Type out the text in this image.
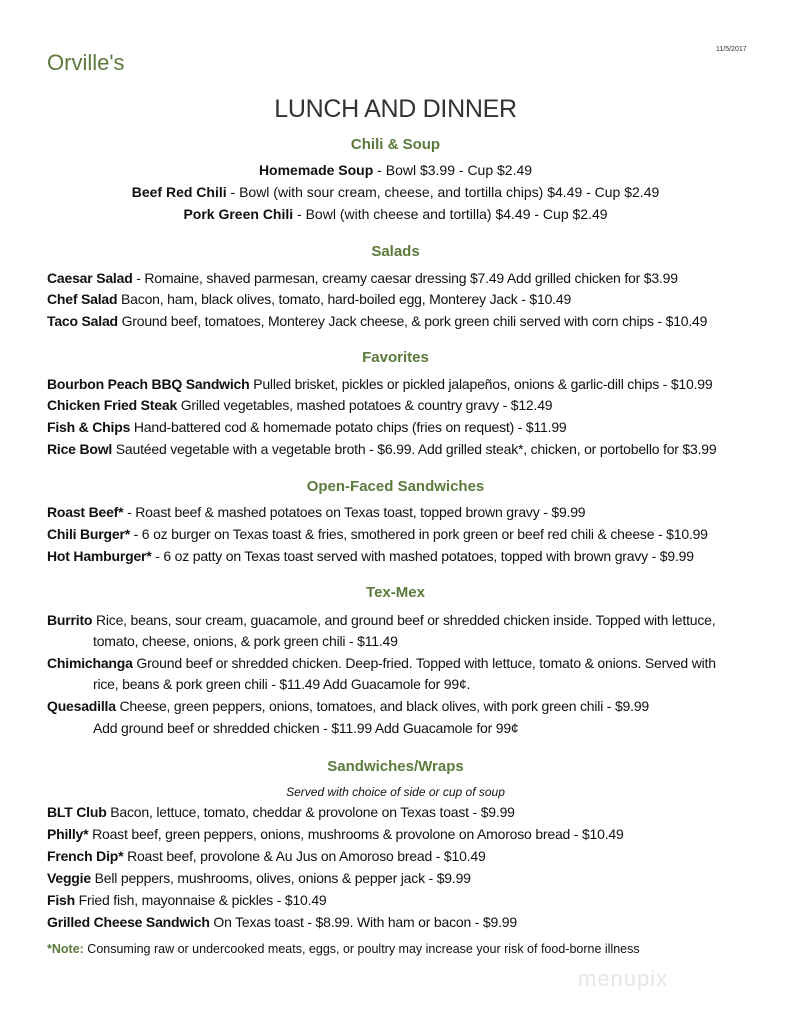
Orville's
11/5/2017
LUNCH AND DINNER
Chili & Soup
Homemade Soup - Bowl $3.99 - Cup $2.49
Beef Red Chili - Bowl (with sour cream, cheese, and tortilla chips) $4.49 - Cup $2.49
Pork Green Chili - Bowl (with cheese and tortilla) $4.49 - Cup $2.49
Salads
Caesar Salad - Romaine, shaved parmesan, creamy caesar dressing $7.49 Add grilled chicken for $3.99
Chef Salad Bacon, ham, black olives, tomato, hard-boiled egg, Monterey Jack - $10.49
Taco Salad Ground beef, tomatoes, Monterey Jack cheese, & pork green chili served with corn chips - $10.49
Favorites
Bourbon Peach BBQ Sandwich Pulled brisket, pickles or pickled jalapeños, onions & garlic-dill chips - $10.99
Chicken Fried Steak Grilled vegetables, mashed potatoes & country gravy - $12.49
Fish & Chips Hand-battered cod & homemade potato chips (fries on request) - $11.99
Rice Bowl Sautéed vegetable with a vegetable broth - $6.99. Add grilled steak*, chicken, or portobello for $3.99
Open-Faced Sandwiches
Roast Beef* - Roast beef & mashed potatoes on Texas toast, topped brown gravy - $9.99
Chili Burger* - 6 oz burger on Texas toast & fries, smothered in pork green or beef red chili & cheese - $10.99
Hot Hamburger* - 6 oz patty on Texas toast served with mashed potatoes, topped with brown gravy - $9.99
Tex-Mex
Burrito Rice, beans, sour cream, guacamole, and ground beef or shredded chicken inside. Topped with lettuce,
tomato, cheese, onions, & pork green chili - $11.49
Chimichanga Ground beef or shredded chicken. Deep-fried. Topped with lettuce, tomato & onions. Served with
rice, beans & pork green chili - $11.49 Add Guacamole for 99¢.
Quesadilla Cheese, green peppers, onions, tomatoes, and black olives, with pork green chili - $9.99
Add ground beef or shredded chicken - $11.99 Add Guacamole for 99¢
Sandwiches/Wraps
Served with choice of side or cup of soup
BLT Club Bacon, lettuce, tomato, cheddar & provolone on Texas toast - $9.99
Philly* Roast beef, green peppers, onions, mushrooms & provolone on Amoroso bread - $10.49
French Dip* Roast beef, provolone & Au Jus on Amoroso bread - $10.49
Veggie Bell peppers, mushrooms, olives, onions & pepper jack - $9.99
Fish Fried fish, mayonnaise & pickles - $10.49
Grilled Cheese Sandwich On Texas toast - $8.99. With ham or bacon - $9.99
*Note: Consuming raw or undercooked meats, eggs, or poultry may increase your risk of food-borne illness
menupix
